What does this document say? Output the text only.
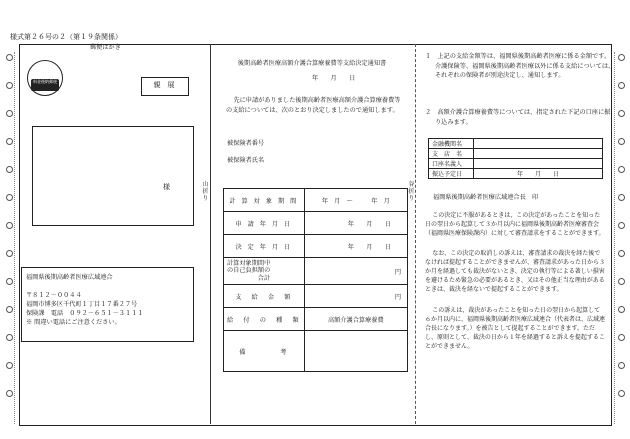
様式第２６号の２（第１９条関係）
郵便はがき
料金後納郵便	親　展
様
福岡県後期高齢者医療広域連合
〒８１２－００４４
福岡市博多区千代町１丁目１７番２７号
保険課　電話　０９２－６５１－３１１１
※ 間違い電話にご注意ください。
山折り
谷折り
後期高齢者医療高額介護合算療養費等支給決定通知書
年　　月　　日
先に申請がありました後期高齢者医療高額介護合算療養費等の支給については、次のとおり決定しましたので通知します。
被保険者番号
被保険者氏名
計 算 対 象 期 間	年　月　～　　　年　月
申 請 年 月 日	年　　月　　日
決 定 年 月 日	年　　月　　日

計算対象期間中
の自己負担額の
合計	円
支　給　金　額	円
給　付　の　種　類	高額介護合算療養費
備　　　　考	
１　上記の支給金額等は、福岡県後期高齢者医療に係る金額です。介護保険等、福岡県後期高齢者医療以外に係る支給については、それぞれの保険者が別途決定し、通知します。
２　高額介護合算療養費等については、指定された下記の口座に振り込みます。
金融機関名	
支　店　名	
口座名義人	
振込予定日	年　　月　　日
福岡県後期高齢者医療広域連合長　印
この決定に不服があるときは、この決定があったことを知った日の翌日から起算して３か月以内に福岡県後期高齢者医療審査会（福岡県医療保険課内）に対して審査請求をすることができます。
なお、この決定の取消しの訴えは、審査請求の裁決を経た後でなければ提起することができませんが、審査請求があった日から３か月を経過しても裁決がないとき、決定の執行等による著しい損害を避けるため緊急の必要があるとき、又はその他正当な理由があるときは、裁決を経ないで提起することができます。
この訴えは、裁決があったことを知った日の翌日から起算して６か月以内に、福岡県後期高齢者医療広域連合（代表者は、広域連合長になります。）を被告として提起することができます。ただし、原則として、裁決の日から１年を経過すると訴えを提起することができません。
